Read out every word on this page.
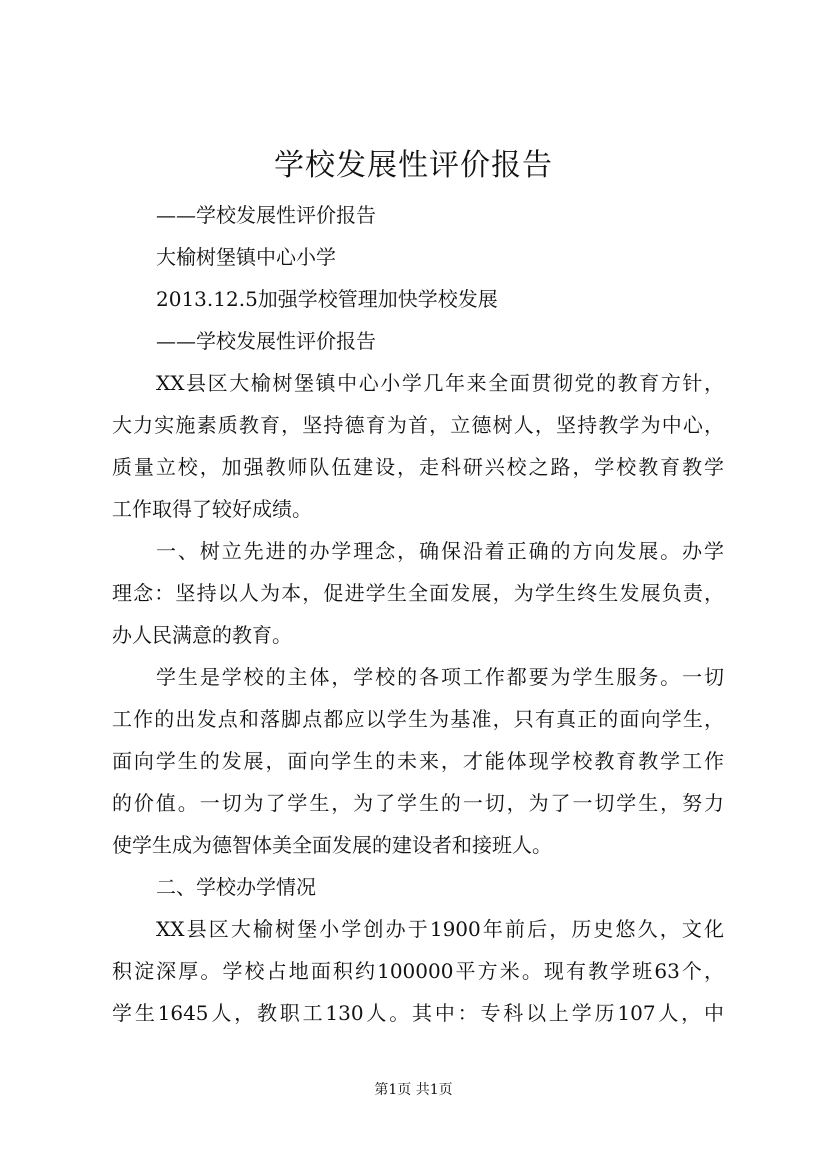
学校发展性评价报告
——学校发展性评价报告
大榆树堡镇中心小学
2013.12.5加强学校管理加快学校发展
——学校发展性评价报告
XX县区大榆树堡镇中心小学几年来全面贯彻党的教育方针，
大力实施素质教育，坚持德育为首，立德树人，坚持教学为中心，
质量立校，加强教师队伍建设，走科研兴校之路，学校教育教学
工作取得了较好成绩。
一、树立先进的办学理念，确保沿着正确的方向发展。办学
理念：坚持以人为本，促进学生全面发展，为学生终生发展负责，
办人民满意的教育。
学生是学校的主体，学校的各项工作都要为学生服务。一切
工作的出发点和落脚点都应以学生为基准，只有真正的面向学生，
面向学生的发展，面向学生的未来，才能体现学校教育教学工作
的价值。一切为了学生，为了学生的一切，为了一切学生，努力
使学生成为德智体美全面发展的建设者和接班人。
二、学校办学情况
XX县区大榆树堡小学创办于1900年前后，历史悠久，文化
积淀深厚。学校占地面积约100000平方米。现有教学班63个，
学生1645人，教职工130人。其中：专科以上学历107人，中
第1页 共1页
